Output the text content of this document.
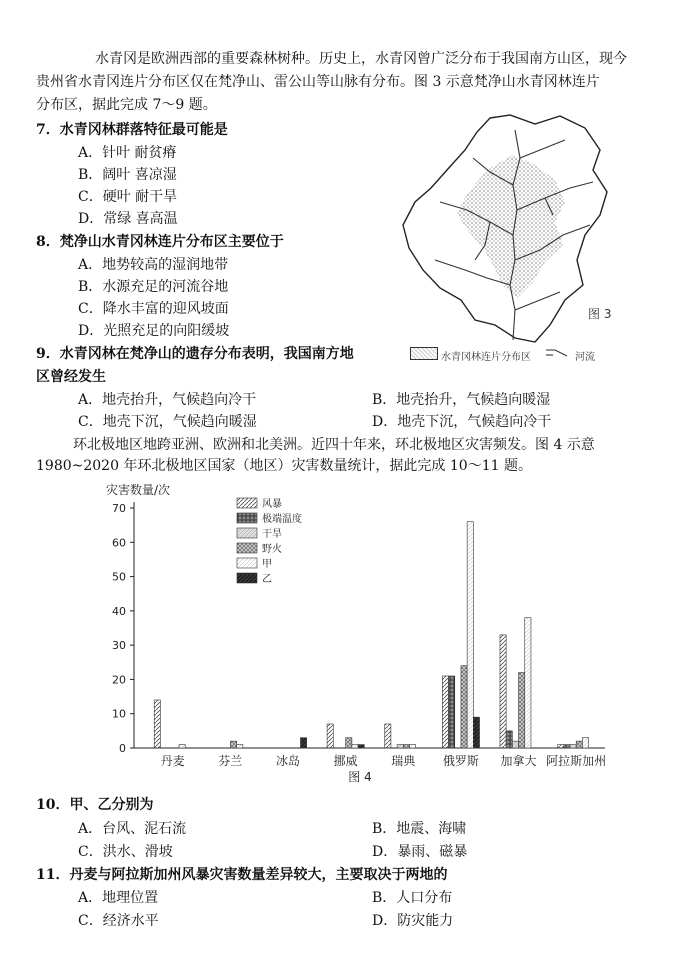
水青冈是欧洲西部的重要森林树种。历史上，水青冈曾广泛分布于我国南方山区，现今
贵州省水青冈连片分布区仅在梵净山、雷公山等山脉有分布。图 3 示意梵净山水青冈林连片
分布区，据此完成 7～9 题。
7．水青冈林群落特征最可能是
A．针叶 耐贫瘠
B．阔叶 喜凉湿
C．硬叶 耐干旱
D．常绿 喜高温
8．梵净山水青冈林连片分布区主要位于
A．地势较高的湿润地带
B．水源充足的河流谷地
C．降水丰富的迎风坡面
D．光照充足的向阳缓坡
9．水青冈林在梵净山的遗存分布表明，我国南方地
区曾经发生
A．地壳抬升，气候趋向冷干	B．地壳抬升，气候趋向暖湿
C．地壳下沉，气候趋向暖湿	D．地壳下沉，气候趋向冷干
图 3
水青冈林连片分布区	河流
环北极地区地跨亚洲、欧洲和北美洲。近四十年来，环北极地区灾害频发。图 4 示意
1980~2020 年环北极地区国家（地区）灾害数量统计，据此完成 10～11 题。
灾害数量/次
0
10
20
30
40
50
60
70
丹麦	芬兰	冰岛	挪威	瑞典 俄罗斯 加拿大 阿拉斯加州
风暴
极端温度
干旱
野火
甲
乙
图 4
10．甲、乙分别为
A．台风、泥石流	B．地震、海啸
C．洪水、滑坡	D．暴雨、磁暴
11．丹麦与阿拉斯加州风暴灾害数量差异较大，主要取决于两地的
A．地理位置	B．人口分布
C．经济水平	D．防灾能力
